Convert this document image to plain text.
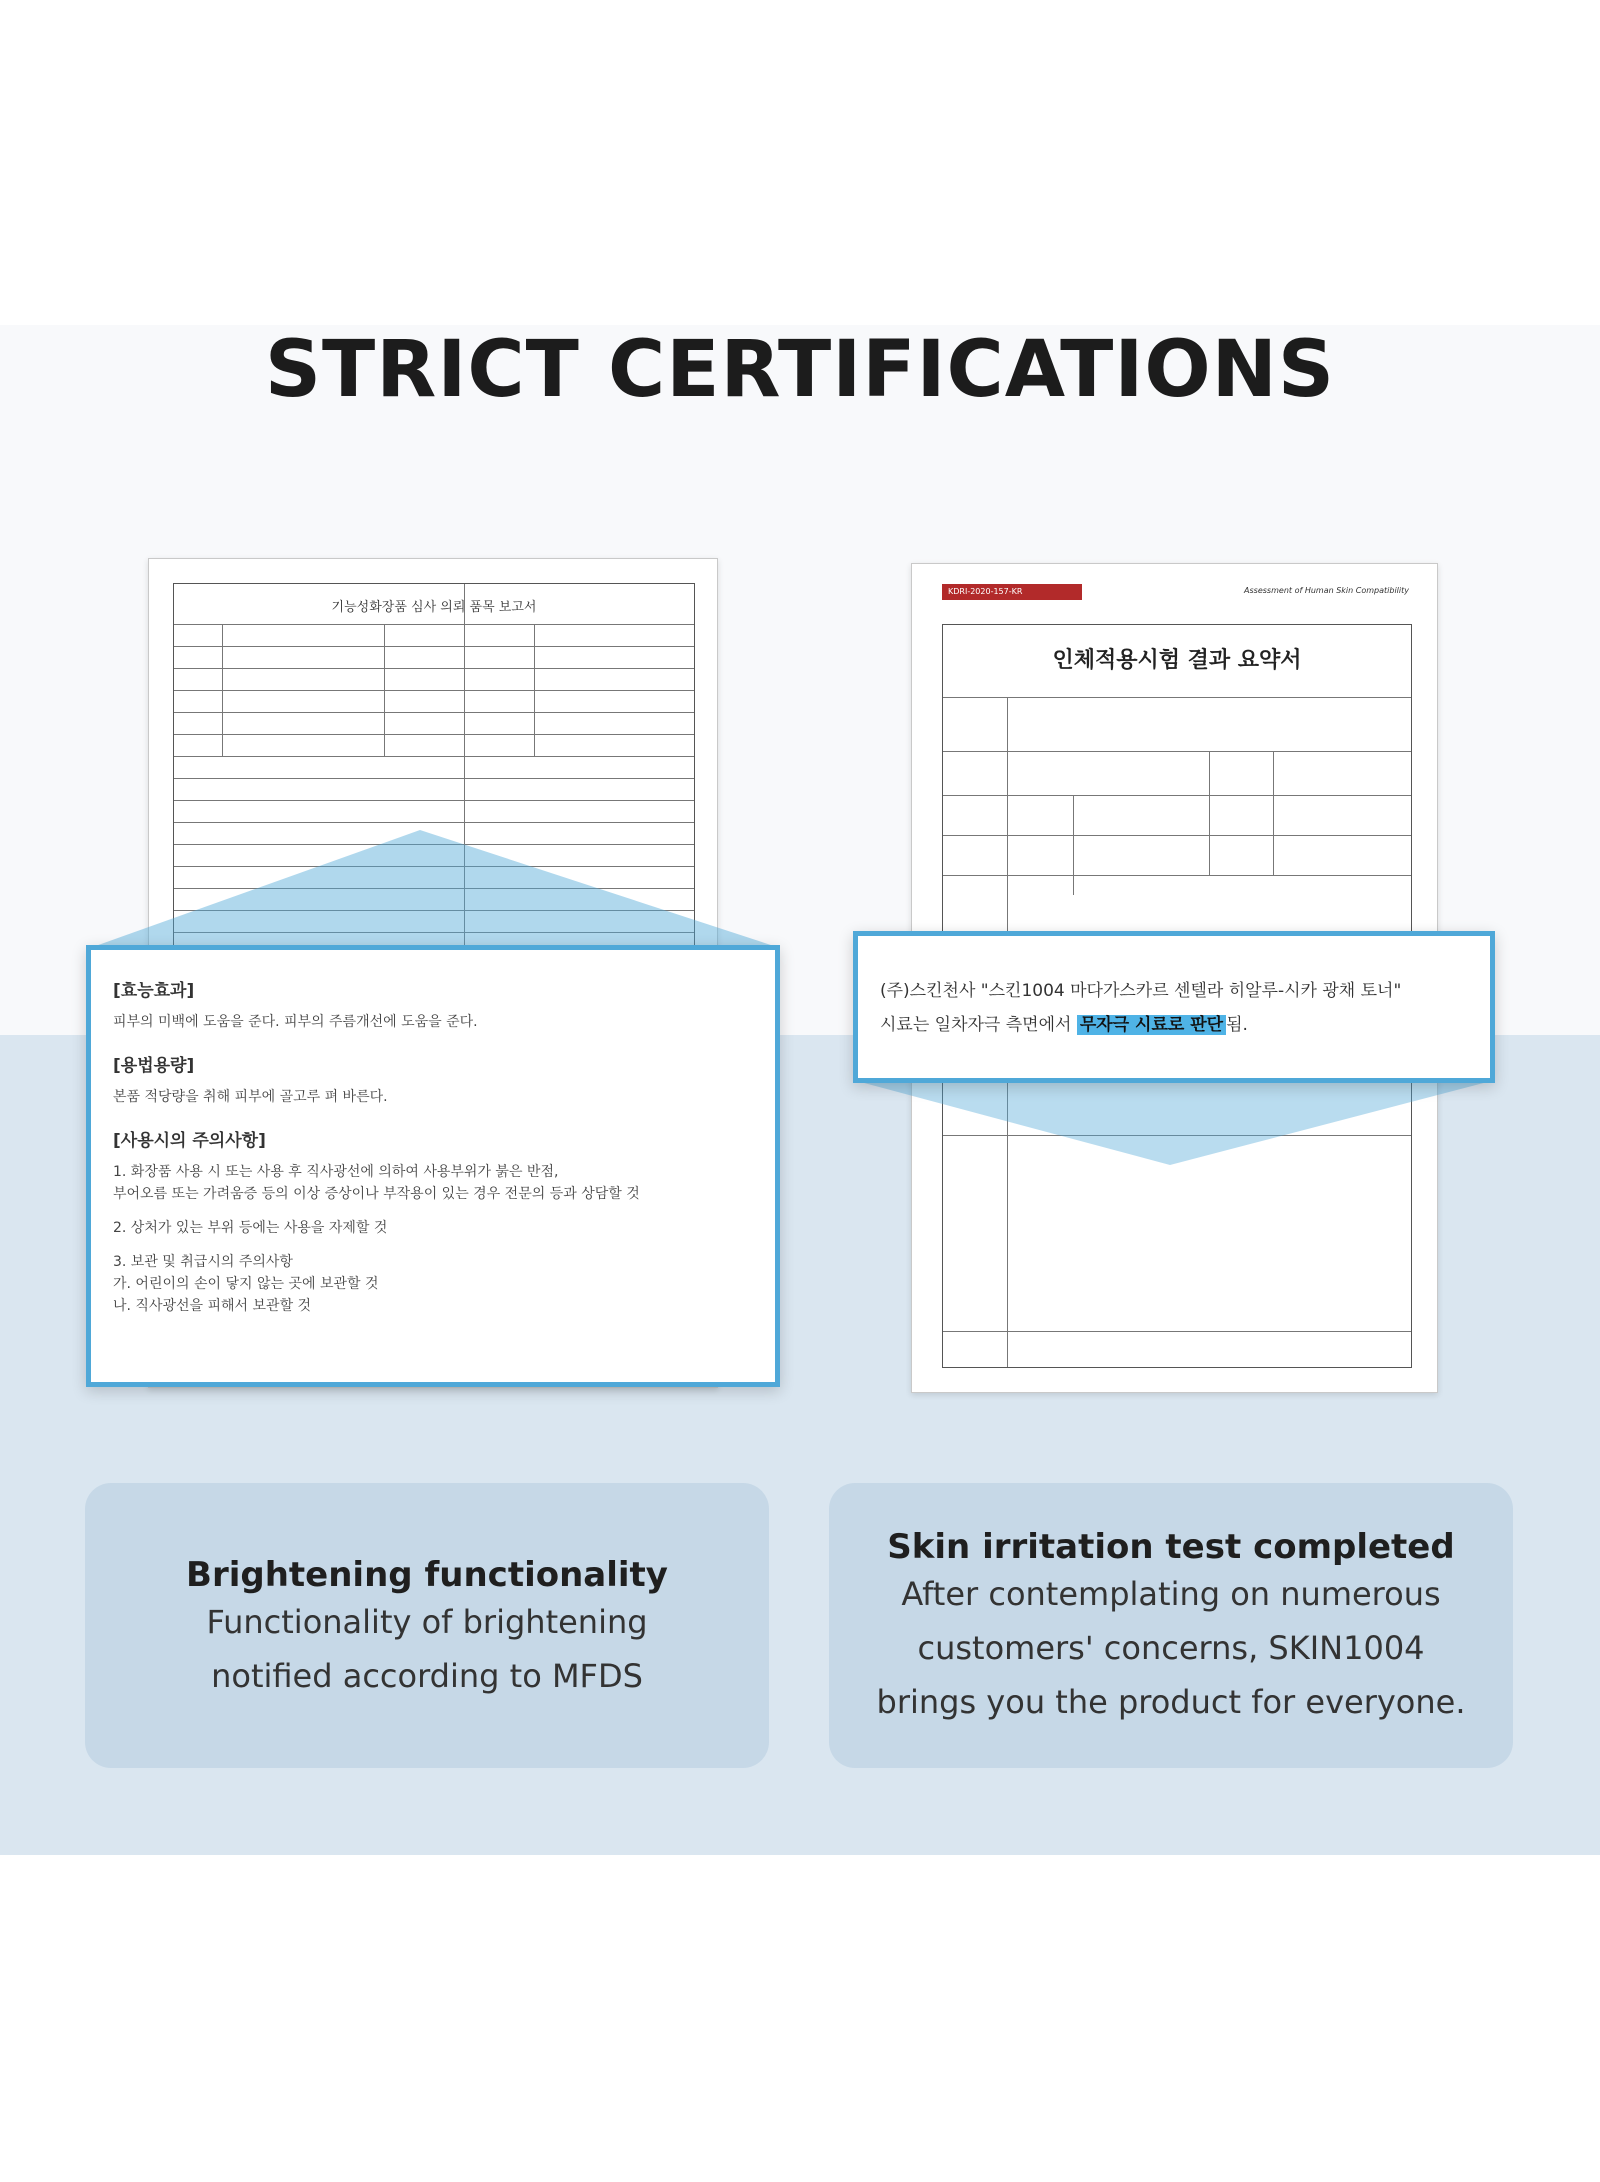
STRICT CERTIFICATIONS
기능성화장품 심사 의뢰 품목 보고서
KDRI-2020-157-KR	Assessment of Human Skin Compatibility
인체적용시험 결과 요약서
[효능효과]
피부의 미백에 도움을 준다. 피부의 주름개선에 도움을 준다.
[용법용량]
본품 적당량을 취해 피부에 골고루 펴 바른다.
[사용시의 주의사항]
1. 화장품 사용 시 또는 사용 후 직사광선에 의하여 사용부위가 붉은 반점,
부어오름 또는 가려움증 등의 이상 증상이나 부작용이 있는 경우 전문의 등과 상담할 것
2. 상처가 있는 부위 등에는 사용을 자제할 것
3. 보관 및 취급시의 주의사항
가. 어린이의 손이 닿지 않는 곳에 보관할 것
나. 직사광선을 피해서 보관할 것
(주)스킨천사 "스킨1004 마다가스카르 센텔라 히알루-시카 광채 토너"
시료는 일차자극 측면에서 무자극 시료로 판단 됨.
Brightening functionality
Functionality of brightening
notified according to MFDS
Skin irritation test completed
After contemplating on numerous
customers' concerns, SKIN1004
brings you the product for everyone.
